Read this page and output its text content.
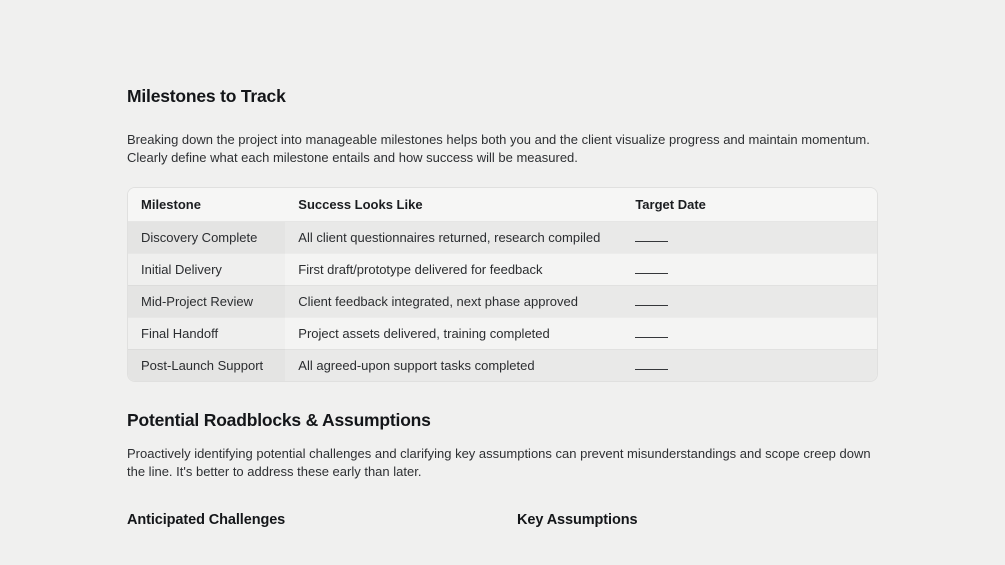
Milestones to Track

Breaking down the project into manageable milestones helps both you and the client visualize progress and maintain momentum. Clearly define what each milestone entails and how success will be measured.

Milestone	Success Looks Like	Target Date
Discovery Complete	All client questionnaires returned, research compiled	
Initial Delivery	First draft/prototype delivered for feedback	
Mid-Project Review	Client feedback integrated, next phase approved	
Final Handoff	Project assets delivered, training completed	
Post-Launch Support	All agreed-upon support tasks completed	
Potential Roadblocks & Assumptions

Proactively identifying potential challenges and clarifying key assumptions can prevent misunderstandings and scope creep down the line. It's better to address these early than later.

Anticipated Challenges	Key Assumptions
